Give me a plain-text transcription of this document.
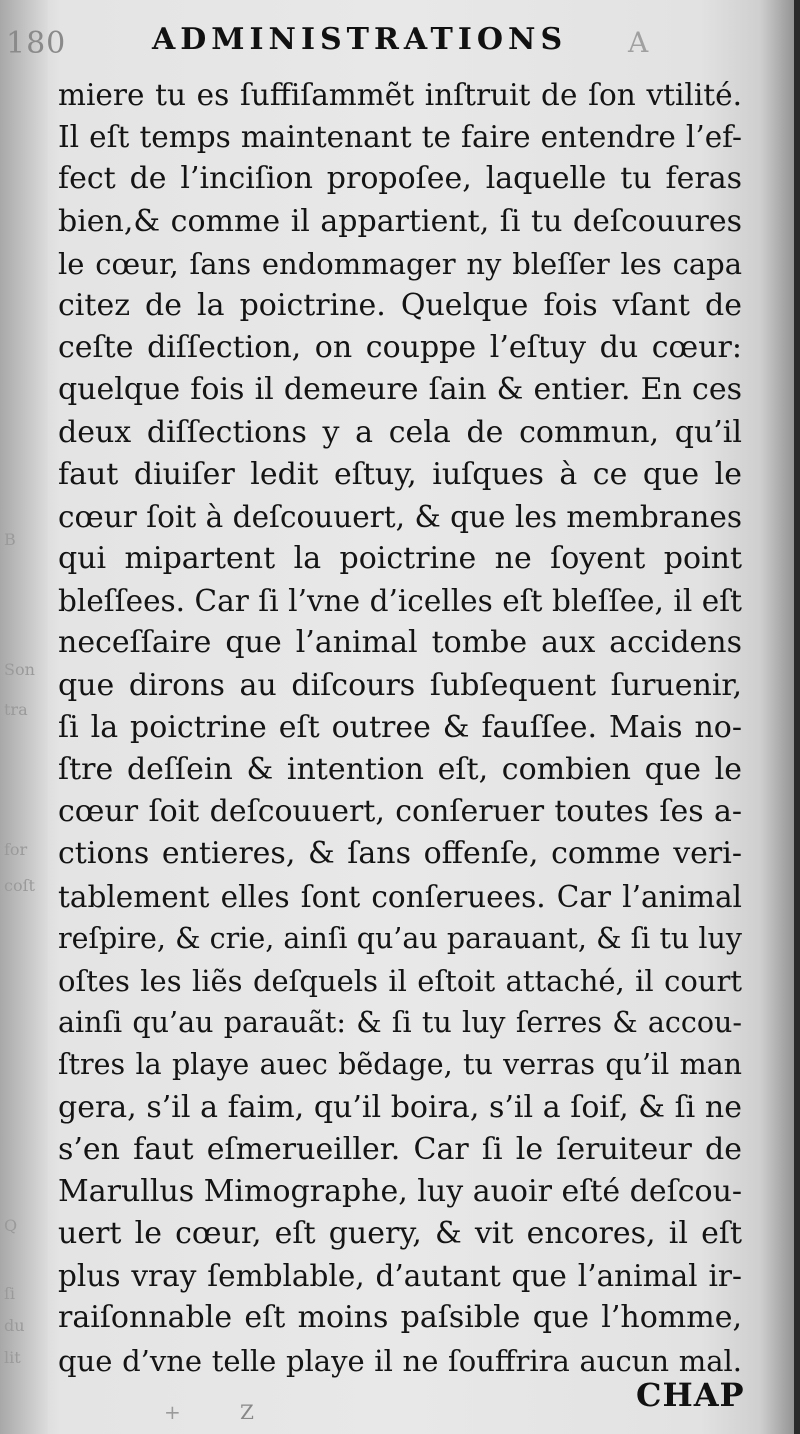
B
Son
tra
for
coſt
Q
ſi
du
lit
180	ADMINISTRATIONS A
miere tu es ſuffiſammẽt inſtruit de ſon vtilité.
Il eſt temps maintenant te faire entendre l’ef-
fect de l’inciſion propoſee, laquelle tu feras
bien,& comme il appartient, ſi tu deſcouures
le cœur, ſans endommager ny bleſſer les capa
citez de la poictrine. Quelque fois vſant de
ceſte diſſection, on couppe l’eſtuy du cœur:
quelque fois il demeure ſain & entier. En ces
deux diſſections y a cela de commun, qu’il
faut diuiſer ledit eſtuy, iuſques à ce que le
cœur ſoit à deſcouuert, & que les membranes
qui mipartent la poictrine ne ſoyent point
bleſſees. Car ſi l’vne d’icelles eſt bleſſee, il eſt
neceſſaire que l’animal tombe aux accidens
que dirons au diſcours ſubſequent ſuruenir,
ſi la poictrine eſt outree & fauſſee. Mais no-
ſtre deſſein & intention eſt, combien que le
cœur ſoit deſcouuert, conſeruer toutes ſes a-
ctions entieres, & ſans offenſe, comme veri-
tablement elles ſont conſeruees. Car l’animal
reſpire, & crie, ainſi qu’au parauant, & ſi tu luy
oſtes les liẽs deſquels il eſtoit attaché, il court
ainſi qu’au parauãt: & ſi tu luy ſerres & accou-
ſtres la playe auec bẽdage, tu verras qu’il man
gera, s’il a faim, qu’il boira, s’il a ſoif, & ſi ne
s’en faut eſmerueiller. Car ſi le ſeruiteur de
Marullus Mimographe, luy auoir eſté deſcou-
uert le cœur, eſt guery, & vit encores, il eſt
plus vray ſemblable, d’autant que l’animal ir-
raiſonnable eſt moins paſsible que l’homme,
que d’vne telle playe il ne ſouffrira aucun mal.
CHAP
+	Z
